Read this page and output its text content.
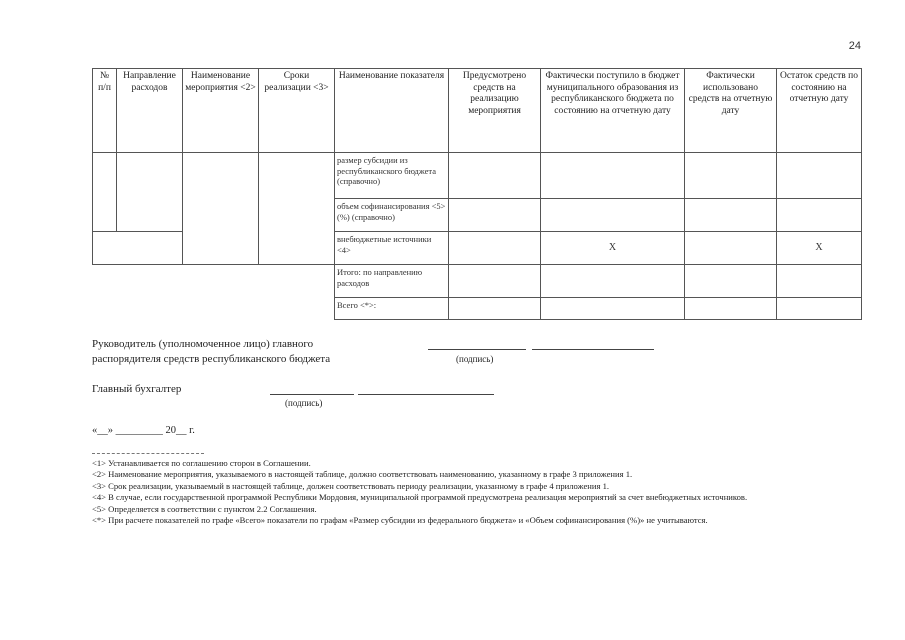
24
№ п/п	Направление расходов	Наименование мероприятия <2>	Сроки реализации <3>	Наименование показателя	Предусмотрено средств на реализацию мероприятия	Фактически поступило в бюджет муниципального образования из республиканского бюджета по состоянию на отчетную дату	Фактически использовано средств на отчетную дату	Остаток средств по состоянию на отчетную дату
				размер субсидии из республиканского бюджета (справочно)				
				объем софинансирования <5> (%) (справочно)				
				внебюджетные источники <4>		X		X
				Итого: по направлению расходов				
				Всего <*>:				
Руководитель (уполномоченное лицо) главного
распорядителя средств республиканского бюджета	(подпись)
Главный бухгалтер
(подпись)
«__» _________ 20__ г.

<1> Устанавливается по соглашению сторон в Соглашении.

<2> Наименование мероприятия, указываемого в настоящей таблице, должно соответствовать наименованию, указанному в графе 3 приложения 1.

<3> Срок реализации, указываемый в настоящей таблице, должен соответствовать периоду реализации, указанному в графе 4 приложения 1.

<4> В случае, если государственной программой Республики Мордовия, муниципальной программой предусмотрена реализация мероприятий за счет внебюджетных источников.

<5> Определяется в соответствии с пунктом 2.2 Соглашения.

<*> При расчете показателей по графе «Всего» показатели по графам «Размер субсидии из федерального бюджета» и «Объем софинансирования (%)» не учитываются.
